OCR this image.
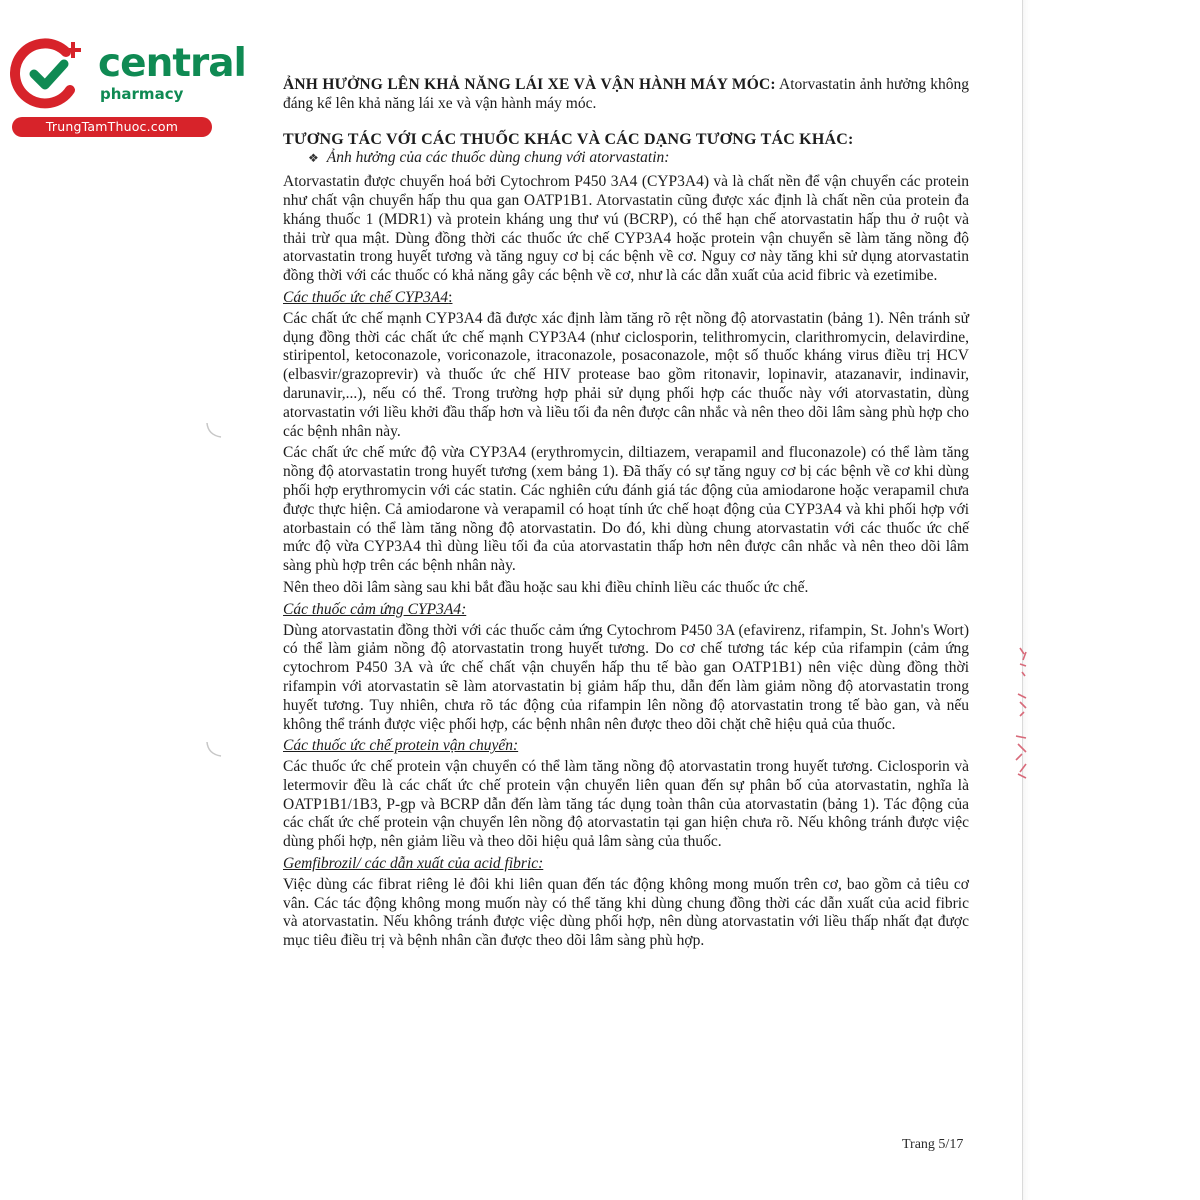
central
pharmacy
TrungTamThuoc.com

ẢNH HƯỞNG LÊN KHẢ NĂNG LÁI XE VÀ VẬN HÀNH MÁY MÓC: Atorvastatin ảnh hưởng không đáng kể lên khả năng lái xe và vận hành máy móc.

TƯƠNG TÁC VỚI CÁC THUỐC KHÁC VÀ CÁC DẠNG TƯƠNG TÁC KHÁC:

❖ Ảnh hưởng của các thuốc dùng chung với atorvastatin:

Atorvastatin được chuyển hoá bởi Cytochrom P450 3A4 (CYP3A4) và là chất nền để vận chuyển các protein như chất vận chuyển hấp thu qua gan OATP1B1. Atorvastatin cũng được xác định là chất nền của protein đa kháng thuốc 1 (MDR1) và protein kháng ung thư vú (BCRP), có thể hạn chế atorvastatin hấp thu ở ruột và thải trừ qua mật. Dùng đồng thời các thuốc ức chế CYP3A4 hoặc protein vận chuyển sẽ làm tăng nồng độ atorvastatin trong huyết tương và tăng nguy cơ bị các bệnh về cơ. Nguy cơ này tăng khi sử dụng atorvastatin đồng thời với các thuốc có khả năng gây các bệnh về cơ, như là các dẫn xuất của acid fibric và ezetimibe.

Các thuốc ức chế CYP3A4:

Các chất ức chế mạnh CYP3A4 đã được xác định làm tăng rõ rệt nồng độ atorvastatin (bảng 1). Nên tránh sử dụng đồng thời các chất ức chế mạnh CYP3A4 (như ciclosporin, telithromycin, clarithromycin, delavirdine, stiripentol, ketoconazole, voriconazole, itraconazole, posaconazole, một số thuốc kháng virus điều trị HCV (elbasvir/grazoprevir) và thuốc ức chế HIV protease bao gồm ritonavir, lopinavir, atazanavir, indinavir, darunavir,...), nếu có thể. Trong trường hợp phải sử dụng phối hợp các thuốc này với atorvastatin, dùng atorvastatin với liều khởi đầu thấp hơn và liều tối đa nên được cân nhắc và nên theo dõi lâm sàng phù hợp cho các bệnh nhân này.

Các chất ức chế mức độ vừa CYP3A4 (erythromycin, diltiazem, verapamil and fluconazole) có thể làm tăng nồng độ atorvastatin trong huyết tương (xem bảng 1). Đã thấy có sự tăng nguy cơ bị các bệnh về cơ khi dùng phối hợp erythromycin với các statin. Các nghiên cứu đánh giá tác động của amiodarone hoặc verapamil chưa được thực hiện. Cả amiodarone và verapamil có hoạt tính ức chế hoạt động của CYP3A4 và khi phối hợp với atorbastain có thể làm tăng nồng độ atorvastatin. Do đó, khi dùng chung atorvastatin với các thuốc ức chế mức độ vừa CYP3A4 thì dùng liều tối đa của atorvastatin thấp hơn nên được cân nhắc và nên theo dõi lâm sàng phù hợp trên các bệnh nhân này.

Nên theo dõi lâm sàng sau khi bắt đầu hoặc sau khi điều chỉnh liều các thuốc ức chế.

Các thuốc cảm ứng CYP3A4:

Dùng atorvastatin đồng thời với các thuốc cảm ứng Cytochrom P450 3A (efavirenz, rifampin, St. John's Wort) có thể làm giảm nồng độ atorvastatin trong huyết tương. Do cơ chế tương tác kép của rifampin (cảm ứng cytochrom P450 3A và ức chế chất vận chuyển hấp thu tế bào gan OATP1B1) nên việc dùng đồng thời rifampin với atorvastatin sẽ làm atorvastatin bị giảm hấp thu, dẫn đến làm giảm nồng độ atorvastatin trong huyết tương. Tuy nhiên, chưa rõ tác động của rifampin lên nồng độ atorvastatin trong tế bào gan, và nếu không thể tránh được việc phối hợp, các bệnh nhân nên được theo dõi chặt chẽ hiệu quả của thuốc.

Các thuốc ức chế protein vận chuyển:

Các thuốc ức chế protein vận chuyển có thể làm tăng nồng độ atorvastatin trong huyết tương. Ciclosporin và letermovir đều là các chất ức chế protein vận chuyển liên quan đến sự phân bố của atorvastatin, nghĩa là OATP1B1/1B3, P-gp và BCRP dẫn đến làm tăng tác dụng toàn thân của atorvastatin (bảng 1). Tác động của các chất ức chế protein vận chuyển lên nồng độ atorvastatin tại gan hiện chưa rõ. Nếu không tránh được việc dùng phối hợp, nên giảm liều và theo dõi hiệu quả lâm sàng của thuốc.

Gemfibrozil/ các dẫn xuất của acid fibric:

Việc dùng các fibrat riêng lẻ đôi khi liên quan đến tác động không mong muốn trên cơ, bao gồm cả tiêu cơ vân. Các tác động không mong muốn này có thể tăng khi dùng chung đồng thời các dẫn xuất của acid fibric và atorvastatin. Nếu không tránh được việc dùng phối hợp, nên dùng atorvastatin với liều thấp nhất đạt được mục tiêu điều trị và bệnh nhân cần được theo dõi lâm sàng phù hợp.

Trang 5/17
